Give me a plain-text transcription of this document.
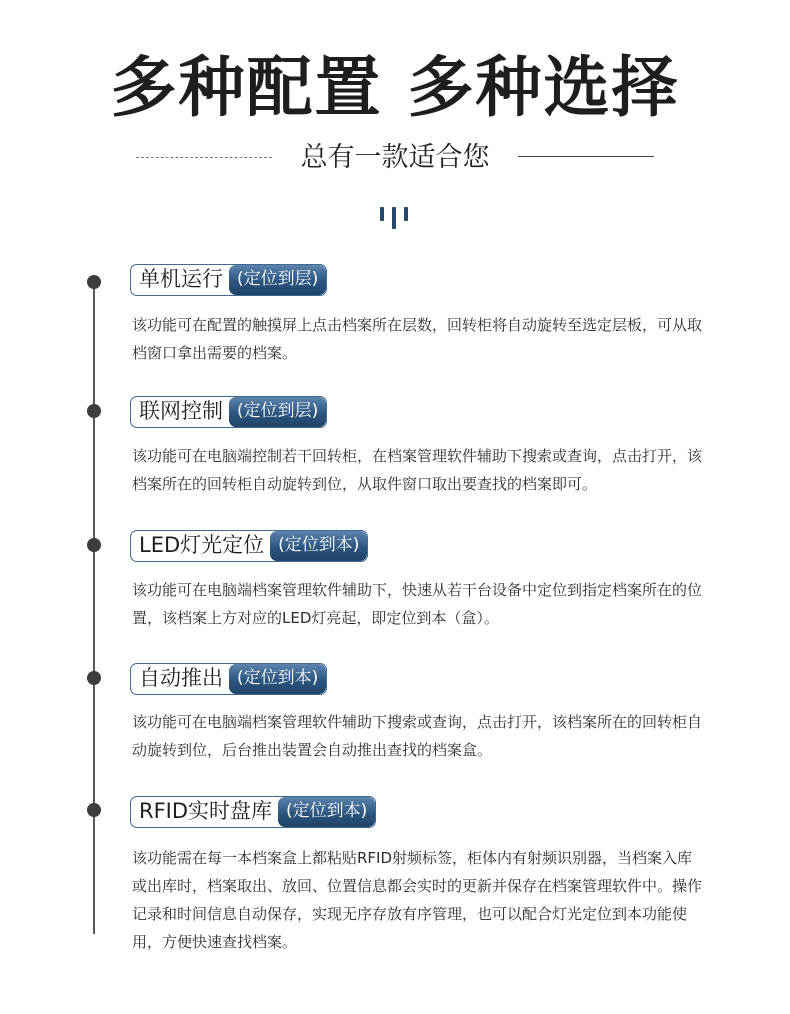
多种配置 多种选择
总有一款适合您
单机运行 (定位到层)
该功能可在配置的触摸屏上点击档案所在层数，回转柜将自动旋转至选定层板，可从取档窗口拿出需要的档案。
联网控制 (定位到层)
该功能可在电脑端控制若干回转柜，在档案管理软件辅助下搜索或查询，点击打开，该档案所在的回转柜自动旋转到位，从取件窗口取出要查找的档案即可。
LED灯光定位 (定位到本)
该功能可在电脑端档案管理软件辅助下，快速从若干台设备中定位到指定档案所在的位置，该档案上方对应的LED灯亮起，即定位到本（盒）。
自动推出 (定位到本)
该功能可在电脑端档案管理软件辅助下搜索或查询，点击打开，该档案所在的回转柜自动旋转到位，后台推出装置会自动推出查找的档案盒。
RFID实时盘库 (定位到本)
该功能需在每一本档案盒上都粘贴RFID射频标签，柜体内有射频识别器，当档案入库或出库时，档案取出、放回、位置信息都会实时的更新并保存在档案管理软件中。操作记录和时间信息自动保存，实现无序存放有序管理，也可以配合灯光定位到本功能使用，方便快速查找档案。
